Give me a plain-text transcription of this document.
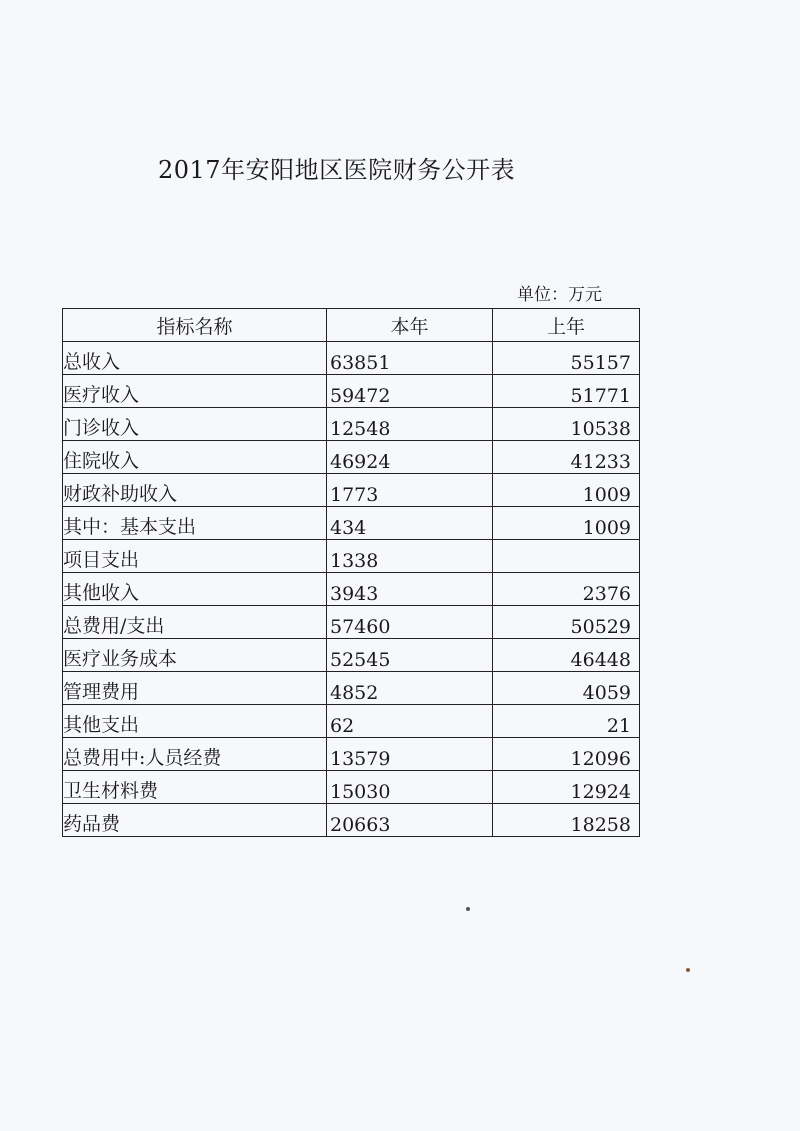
2017年安阳地区医院财务公开表
单位：万元
指标名称	本年	上年
总收入	63851	55157
医疗收入	59472	51771
门诊收入	12548	10538
住院收入	46924	41233
财政补助收入	1773	1009
其中：基本支出	434	1009
项目支出	1338	
其他收入	3943	2376
总费用/支出	57460	50529
医疗业务成本	52545	46448
管理费用	4852	4059
其他支出	62	21
总费用中:人员经费	13579	12096
卫生材料费	15030	12924
药品费	20663	18258
